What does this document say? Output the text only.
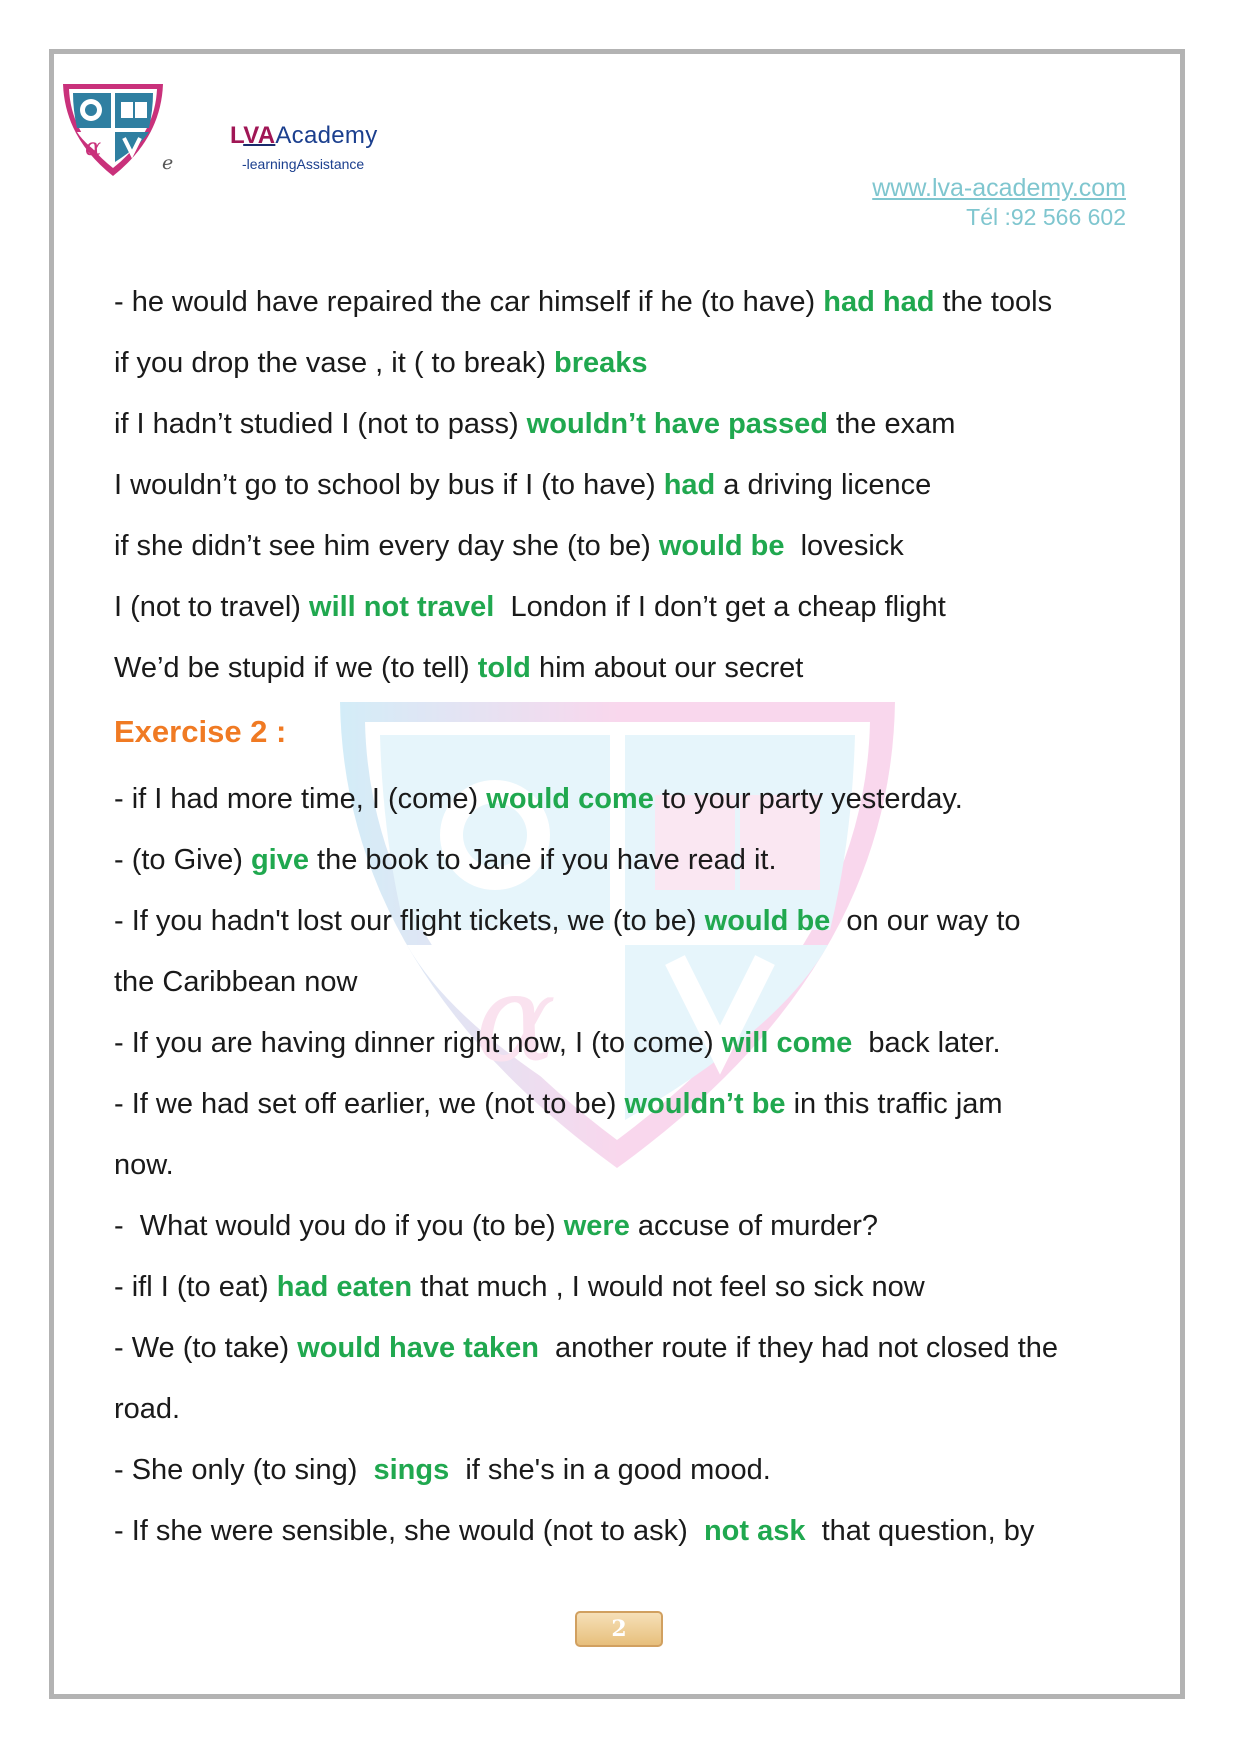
α
e
LVAAcademy
-learningAssistance
www.lva-academy.com
Tél :92 566 602
α
- he would have repaired the car himself if he (to have) had had the tools
if you drop the vase , it ( to break) breaks
if I hadn’t studied I (not to pass) wouldn’t have passed the exam
I wouldn’t go to school by bus if I (to have) had a driving licence
if she didn’t see him every day she (to be) would be  lovesick
I (not to travel) will not travel  London if I don’t get a cheap flight
We’d be stupid if we (to tell) told him about our secret
Exercise 2 :
- if I had more time, I (come) would come to your party yesterday.
- (to Give) give the book to Jane if you have read it.
- If you hadn't lost our flight tickets, we (to be) would be  on our way to
the Caribbean now
- If you are having dinner right now, I (to come) will come  back later.
- If we had set off earlier, we (not to be) wouldn’t be in this traffic jam
now.
-  What would you do if you (to be) were accuse of murder?
- ifl I (to eat) had eaten that much , I would not feel so sick now
- We (to take) would have taken  another route if they had not closed the
road.
- She only (to sing)  sings  if she's in a good mood.
- If she were sensible, she would (not to ask)  not ask  that question, by
2
